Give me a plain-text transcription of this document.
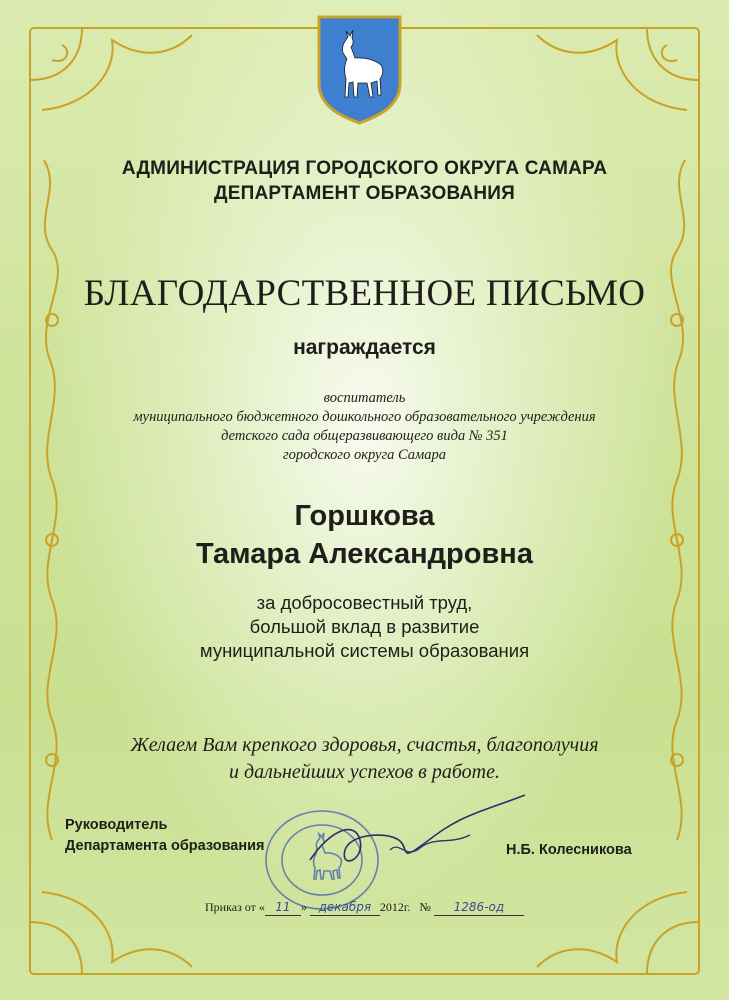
АДМИНИСТРАЦИЯ ГОРОДСКОГО ОКРУГА САМАРА
ДЕПАРТАМЕНТ ОБРАЗОВАНИЯ
БЛАГОДАРСТВЕННОЕ ПИСЬМО
награждается
воспитатель
муниципального бюджетного дошкольного образовательного учреждения
детского сада общеразвивающего вида № 351
городского округа Самара
Горшкова
Тамара Александровна
за добросовестный труд,
большой вклад в развитие
муниципальной системы образования
Желаем Вам крепкого здоровья, счастья, благополучия
и дальнейших успехов в работе.
Руководитель
Департамента образования	Н.Б. Колесникова
Приказ от « 11 » декабря 2012г. № 1286-од
